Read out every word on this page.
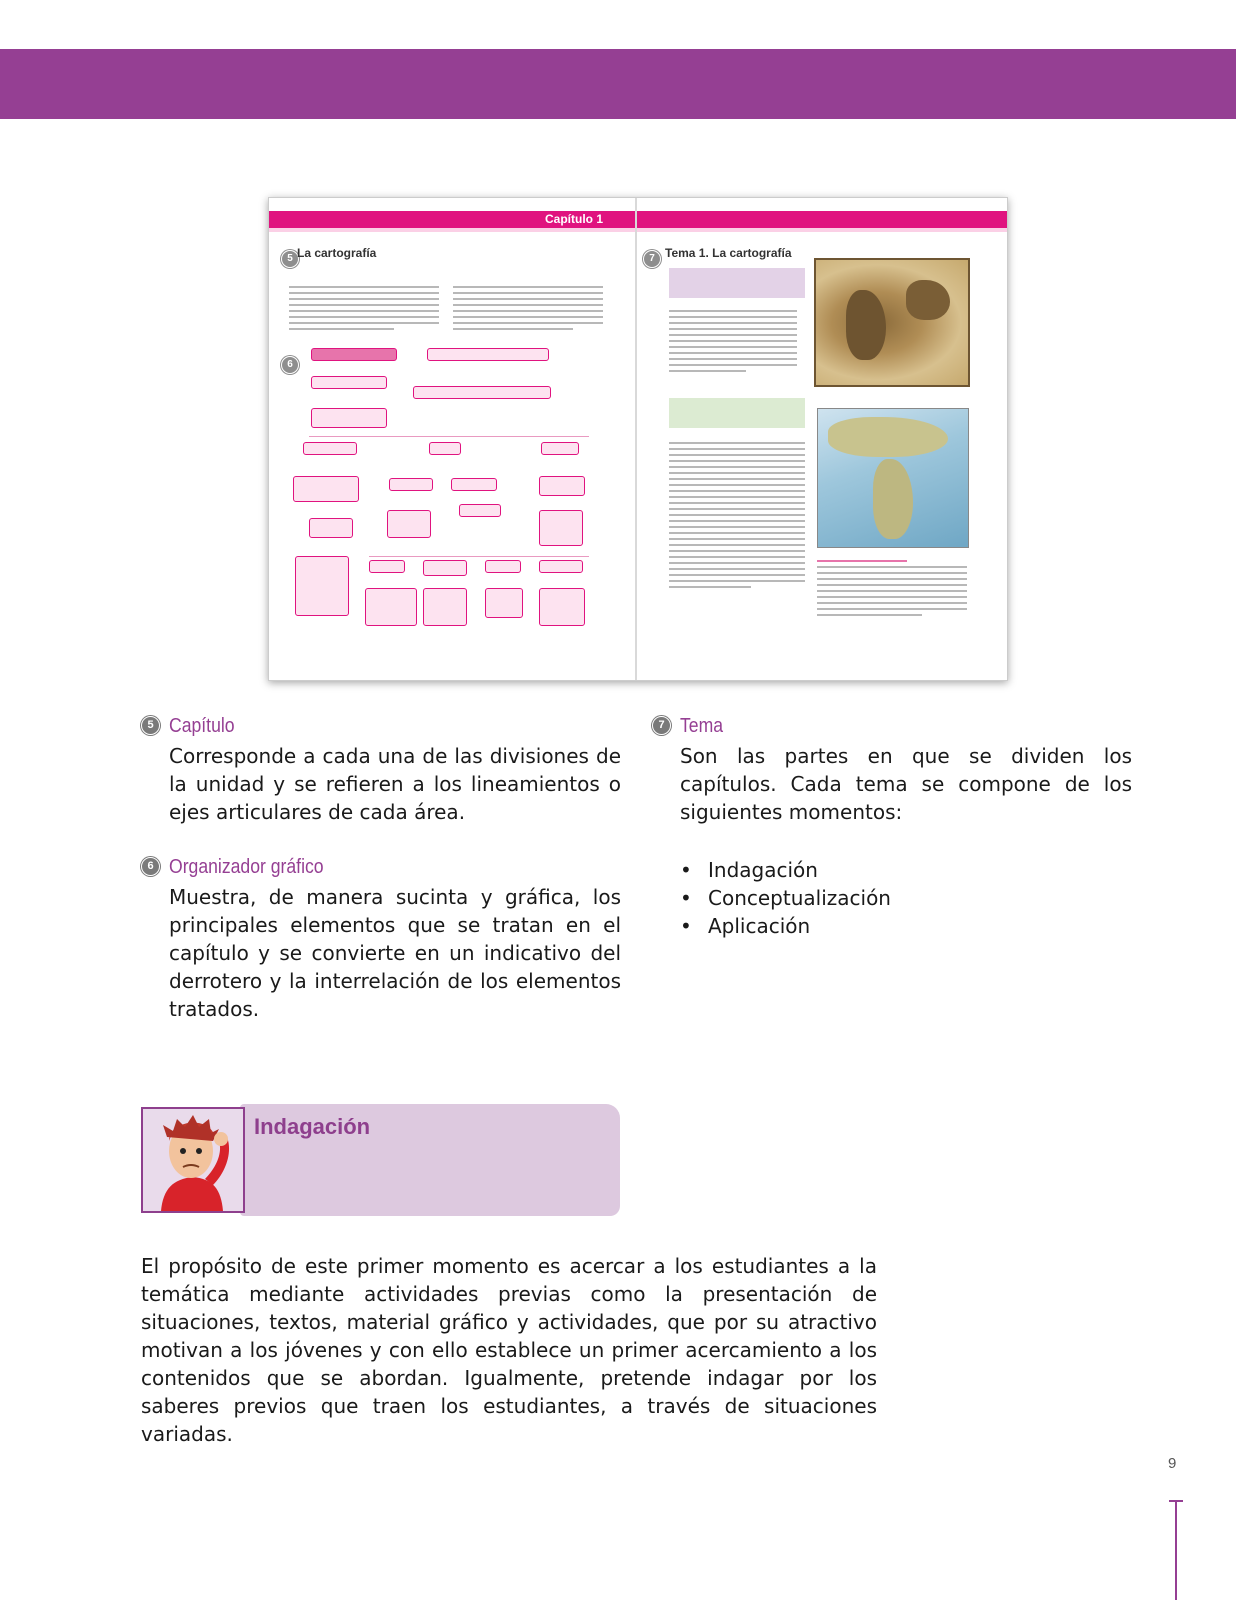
Capítulo 1
5 La cartografía
6
7 Tema 1. La cartografía
5 Capítulo

Corresponde a cada una de las divisiones de la unidad y se refieren a los lineamientos o ejes articulares de cada área.

6 Organizador gráfico

Muestra, de manera sucinta y gráfica, los principales elementos que se tratan en el capítulo y se convierte en un indicativo del derrotero y la interrelación de los elementos tratados.

7 Tema

Son las partes en que se dividen los capítulos. Cada tema se compone de los siguientes momentos:

• Indagación
• Conceptualización
• Aplicación
Indagación
El propósito de este primer momento es acercar a los estudiantes a la temática mediante actividades previas como la presentación de situaciones, textos, material gráfico y actividades, que por su atractivo motivan a los jóvenes y con ello establece un primer acercamiento a los contenidos que se abordan. Igualmente, pretende indagar por los saberes previos que traen los estudiantes, a través de situaciones variadas.
9
